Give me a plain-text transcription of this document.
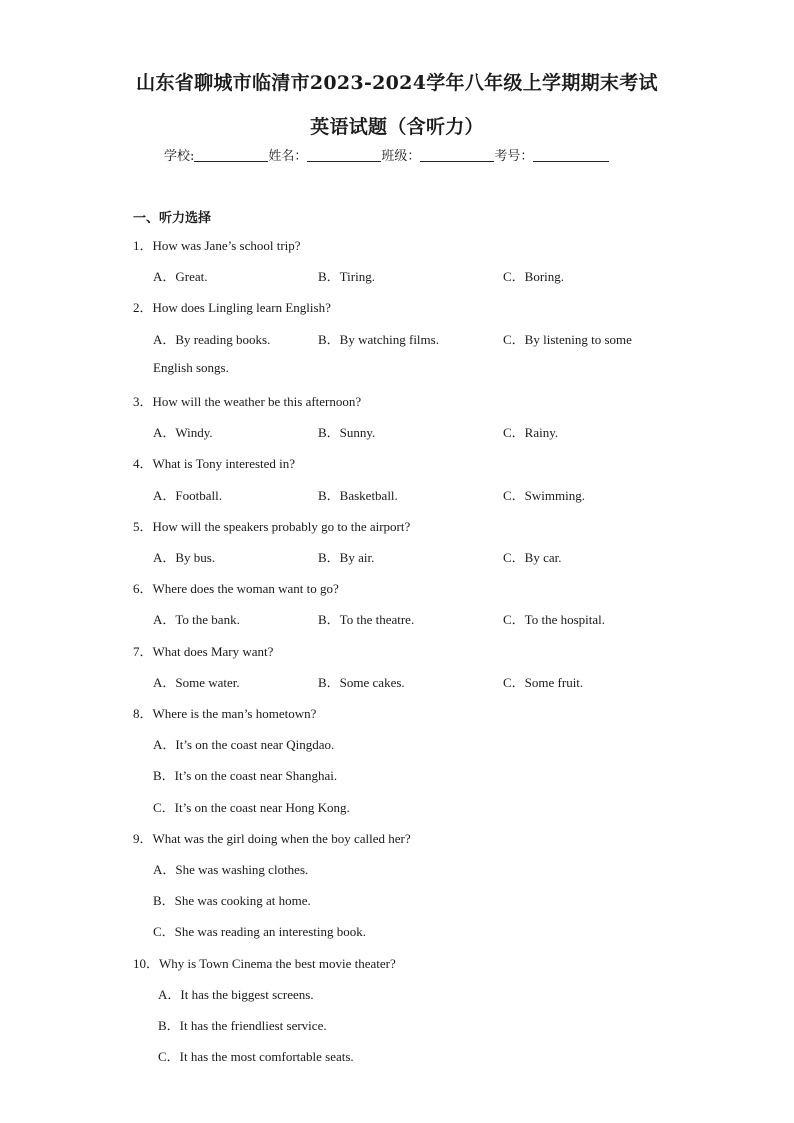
山东省聊城市临清市2023-2024学年八年级上学期期末考试
英语试题（含听力）
学校:	姓名：	班级：	考号：
一、听力选择
1．How was Jane’s school trip?
A．Great.	B．Tiring.	C．Boring.
2．How does Lingling learn English?
A．By reading books.	B．By watching films.	C．By listening to some
English songs.
3．How will the weather be this afternoon?
A．Windy.	B．Sunny.	C．Rainy.
4．What is Tony interested in?
A．Football.	B．Basketball.	C．Swimming.
5．How will the speakers probably go to the airport?
A．By bus.	B．By air.	C．By car.
6．Where does the woman want to go?
A．To the bank.	B．To the theatre.	C．To the hospital.
7．What does Mary want?
A．Some water.	B．Some cakes.	C．Some fruit.
8．Where is the man’s hometown?
A．It’s on the coast near Qingdao.
B．It’s on the coast near Shanghai.
C．It’s on the coast near Hong Kong.
9．What was the girl doing when the boy called her?
A．She was washing clothes.
B．She was cooking at home.
C．She was reading an interesting book.
10．Why is Town Cinema the best movie theater?
A．It has the biggest screens.
B．It has the friendliest service.
C．It has the most comfortable seats.
